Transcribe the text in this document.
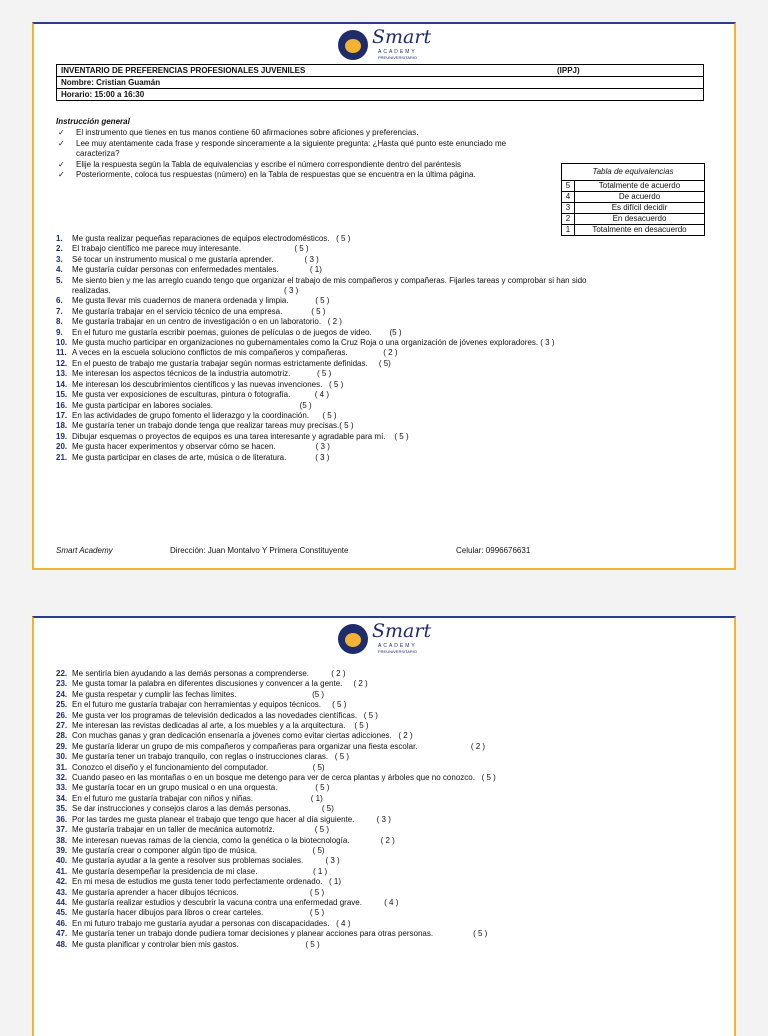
Smart
ACADEMY
PREUNIVERSITARIO
INVENTARIO DE PREFERENCIAS PROFESIONALES JUVENILES	(IPPJ)
Nombre: Cristian Guamán
Horario: 15:00 a 16:30
Instrucción general
✓ El instrumento que tienes en tus manos contiene 60 afirmaciones sobre aficiones y preferencias.
✓ Lee muy atentamente cada frase y responde sinceramente a la siguiente pregunta: ¿Hasta qué punto este enunciado me caracteriza?
✓ Elije la respuesta según la Tabla de equivalencias y escribe el número correspondiente dentro del paréntesis
✓ Posteriormente, coloca tus respuestas (número) en la Tabla de respuestas que se encuentra en la última página.	Tabla de equivalencias	
5	Totalmente de acuerdo
4	De acuerdo
3	Es difícil decidir
2	En desacuerdo
1	Totalmente en desacuerdo
1. Me gusta realizar pequeñas reparaciones de equipos electrodomésticos.   ( 5 )
2. El trabajo científico me parece muy interesante.                        ( 5 )
3. Sé tocar un instrumento musical o me gustaría aprender.              ( 3 )
4. Me gustaría cuidar personas con enfermedades mentales.              ( 1)
5. Me siento bien y me las arreglo cuando tengo que organizar el trabajo de mis compañeros y compañeras. Fijarles tareas y comprobar si han sido
realizadas.                                                                              ( 3 )
6. Me gusta llevar mis cuadernos de manera ordenada y limpia.            ( 5 )
7. Me gustaría trabajar en el servicio técnico de una empresa.             ( 5 )
8. Me gustaría trabajar en un centro de investigación o en un laboratorio.   ( 2 )
9. En el futuro me gustaría escribir poemas, guiones de películas o de juegos de video.        (5 )
10. Me gusta mucho participar en organizaciones no gubernamentales como la Cruz Roja o una organización de jóvenes exploradores. ( 3 )
11. A veces en la escuela soluciono conflictos de mis compañeros y compañeras.                ( 2 )
12. En el puesto de trabajo me gustaría trabajar según normas estrictamente definidas.     ( 5)
13. Me interesan los aspectos técnicos de la industria automotriz.            ( 5 )
14. Me interesan los descubrimientos científicos y las nuevas invenciones.   ( 5 )
15. Me gusta ver exposiciones de esculturas, pintura o fotografía.           ( 4 )
16. Me gusta participar en labores sociales.                                       (5 )
17. En las actividades de grupo fomento el liderazgo y la coordinación.      ( 5 )
18. Me gustaría tener un trabajo donde tenga que realizar tareas muy precisas.( 5 )
19. Dibujar esquemas o proyectos de equipos es una tarea interesante y agradable para mí.    ( 5 )
20. Me gusta hacer experimentos y observar cómo se hacen.                  ( 3 )
21. Me gusta participar en clases de arte, música o de literatura.             ( 3 )
Smart Academy	Dirección: Juan Montalvo Y Primera Constituyente	Celular: 0996676631
Smart
ACADEMY
PREUNIVERSITARIO
22. Me sentiría bien ayudando a las demás personas a comprenderse.          ( 2 )
23. Me gusta tomar la palabra en diferentes discusiones y convencer a la gente.     ( 2 )
24. Me gusta respetar y cumplir las fechas límites.                                  (5 )
25. En el futuro me gustaría trabajar con herramientas y equipos técnicos.     ( 5 )
26. Me gusta ver los programas de televisión dedicados a las novedades científicas.   ( 5 )
27. Me interesan las revistas dedicadas al arte, a los muebles y a la arquitectura.    ( 5 )
28. Con muchas ganas y gran dedicación ensenaría a jóvenes como evitar ciertas adicciones.   ( 2 )
29. Me gustaría liderar un grupo de mis compañeros y compañeras para organizar una fiesta escolar.                        ( 2 )
30. Me gustaría tener un trabajo tranquilo, con reglas o instrucciones claras.   ( 5 )
31. Conozco el diseño y el funcionamiento del computador.                    ( 5)
32. Cuando paseo en las montañas o en un bosque me detengo para ver de cerca plantas y árboles que no conozco.   ( 5 )
33. Me gustaría tocar en un grupo musical o en una orquesta.                 ( 5 )
34. En el futuro me gustaría trabajar con niños y niñas.                          ( 1)
35. Se dar instrucciones y consejos claros a las demás personas.              ( 5)
36. Por las tardes me gusta planear el trabajo que tengo que hacer al día siguiente.          ( 3 )
37. Me gustaría trabajar en un taller de mecánica automotriz.                  ( 5 )
38. Me interesan nuevas ramas de la ciencia, como la genética o la biotecnología.              ( 2 )
39. Me gustaría crear o componer algún tipo de música.                         ( 5)
40. Me gustaría ayudar a la gente a resolver sus problemas sociales.          ( 3 )
41. Me gustaría desempeñar la presidencia de mi clase.                         ( 1 )
42. En mi mesa de estudios me gusta tener todo perfectamente ordenado.   ( 1)
43. Me gustaría aprender a hacer dibujos técnicos.                                ( 5 )
44. Me gustaría realizar estudios y descubrir la vacuna contra una enfermedad grave.          ( 4 )
45. Me gustaría hacer dibujos para libros o crear carteles.                     ( 5 )
46. En mi futuro trabajo me gustaría ayudar a personas con discapacidades.   ( 4 )
47. Me gustaría tener un trabajo donde pudiera tomar decisiones y planear acciones para otras personas.                  ( 5 )
48. Me gusta planificar y controlar bien mis gastos.                              ( 5 )
